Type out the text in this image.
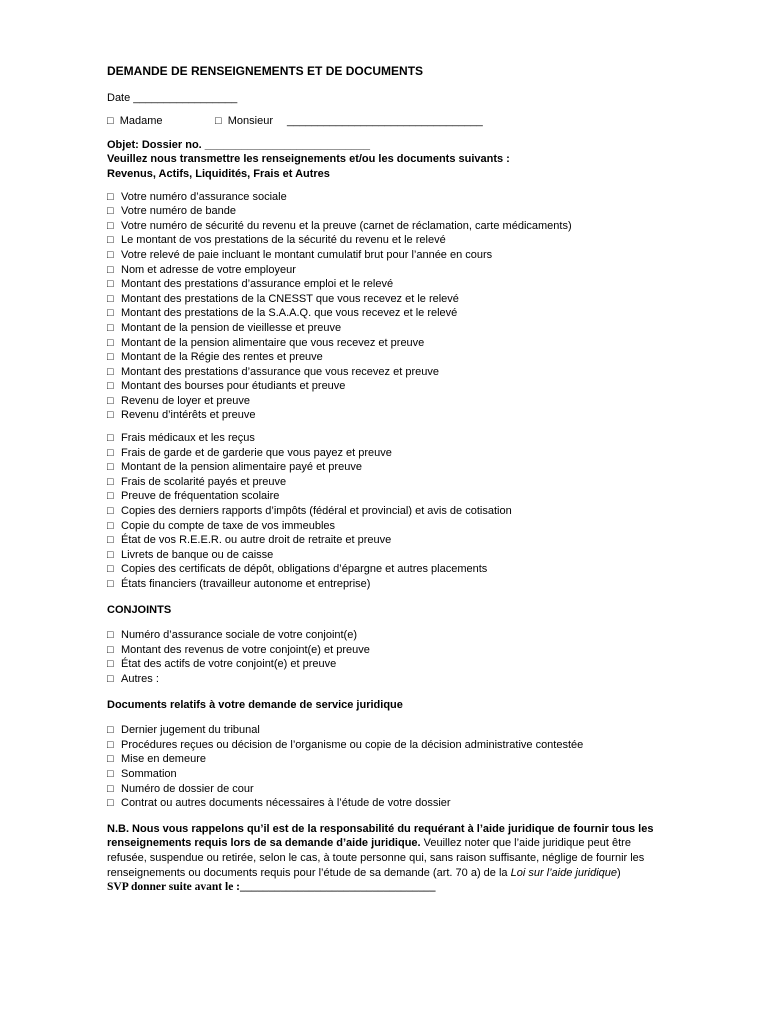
DEMANDE DE RENSEIGNEMENTS ET DE DOCUMENTS
Date _________________
□  Madame	□  Monsieur	________________________________
Objet: Dossier no. ___________________________
Veuillez nous transmettre les renseignements et/ou les documents suivants :
Revenus, Actifs, Liquidités, Frais et Autres
□ Votre numéro d’assurance sociale
□ Votre numéro de bande
□ Votre numéro de sécurité du revenu et la preuve (carnet de réclamation, carte médicaments)
□ Le montant de vos prestations de la sécurité du revenu et le relevé
□ Votre relevé de paie incluant le montant cumulatif brut pour l’année en cours
□ Nom et adresse de votre employeur
□ Montant des prestations d’assurance emploi et le relevé
□ Montant des prestations de la CNESST que vous recevez et le relevé
□ Montant des prestations de la S.A.A.Q. que vous recevez et le relevé
□ Montant de la pension de vieillesse et preuve
□ Montant de la pension alimentaire que vous recevez et preuve
□ Montant de la Régie des rentes et preuve
□ Montant des prestations d’assurance que vous recevez et preuve
□ Montant des bourses pour étudiants et preuve
□ Revenu de loyer et preuve
□ Revenu d’intérêts et preuve
□ Frais médicaux et les reçus
□ Frais de garde et de garderie que vous payez et preuve
□ Montant de la pension alimentaire payé et preuve
□ Frais de scolarité payés et preuve
□ Preuve de fréquentation scolaire
□ Copies des derniers rapports d’impôts (fédéral et provincial) et avis de cotisation
□ Copie du compte de taxe de vos immeubles
□ État de vos R.E.E.R. ou autre droit de retraite et preuve
□ Livrets de banque ou de caisse
□ Copies des certificats de dépôt, obligations d’épargne et autres placements
□ États financiers (travailleur autonome et entreprise)
CONJOINTS
□ Numéro d’assurance sociale de votre conjoint(e)
□ Montant des revenus de votre conjoint(e) et preuve
□ État des actifs de votre conjoint(e) et preuve
□ Autres :
Documents relatifs à votre demande de service juridique
□ Dernier jugement du tribunal
□ Procédures reçues ou décision de l’organisme ou copie de la décision administrative contestée
□ Mise en demeure
□ Sommation
□ Numéro de dossier de cour
□ Contrat ou autres documents nécessaires à l’étude de votre dossier
N.B. Nous vous rappelons qu’il est de la responsabilité du requérant à l’aide juridique de fournir tous les renseignements requis lors de sa demande d’aide juridique. Veuillez noter que l’aide juridique peut être refusée, suspendue ou retirée, selon le cas, à toute personne qui, sans raison suffisante, néglige de fournir les renseignements ou documents requis pour l’étude de sa demande (art. 70 a) de la Loi sur l’aide juridique)
SVP donner suite avant le :__________________________________
